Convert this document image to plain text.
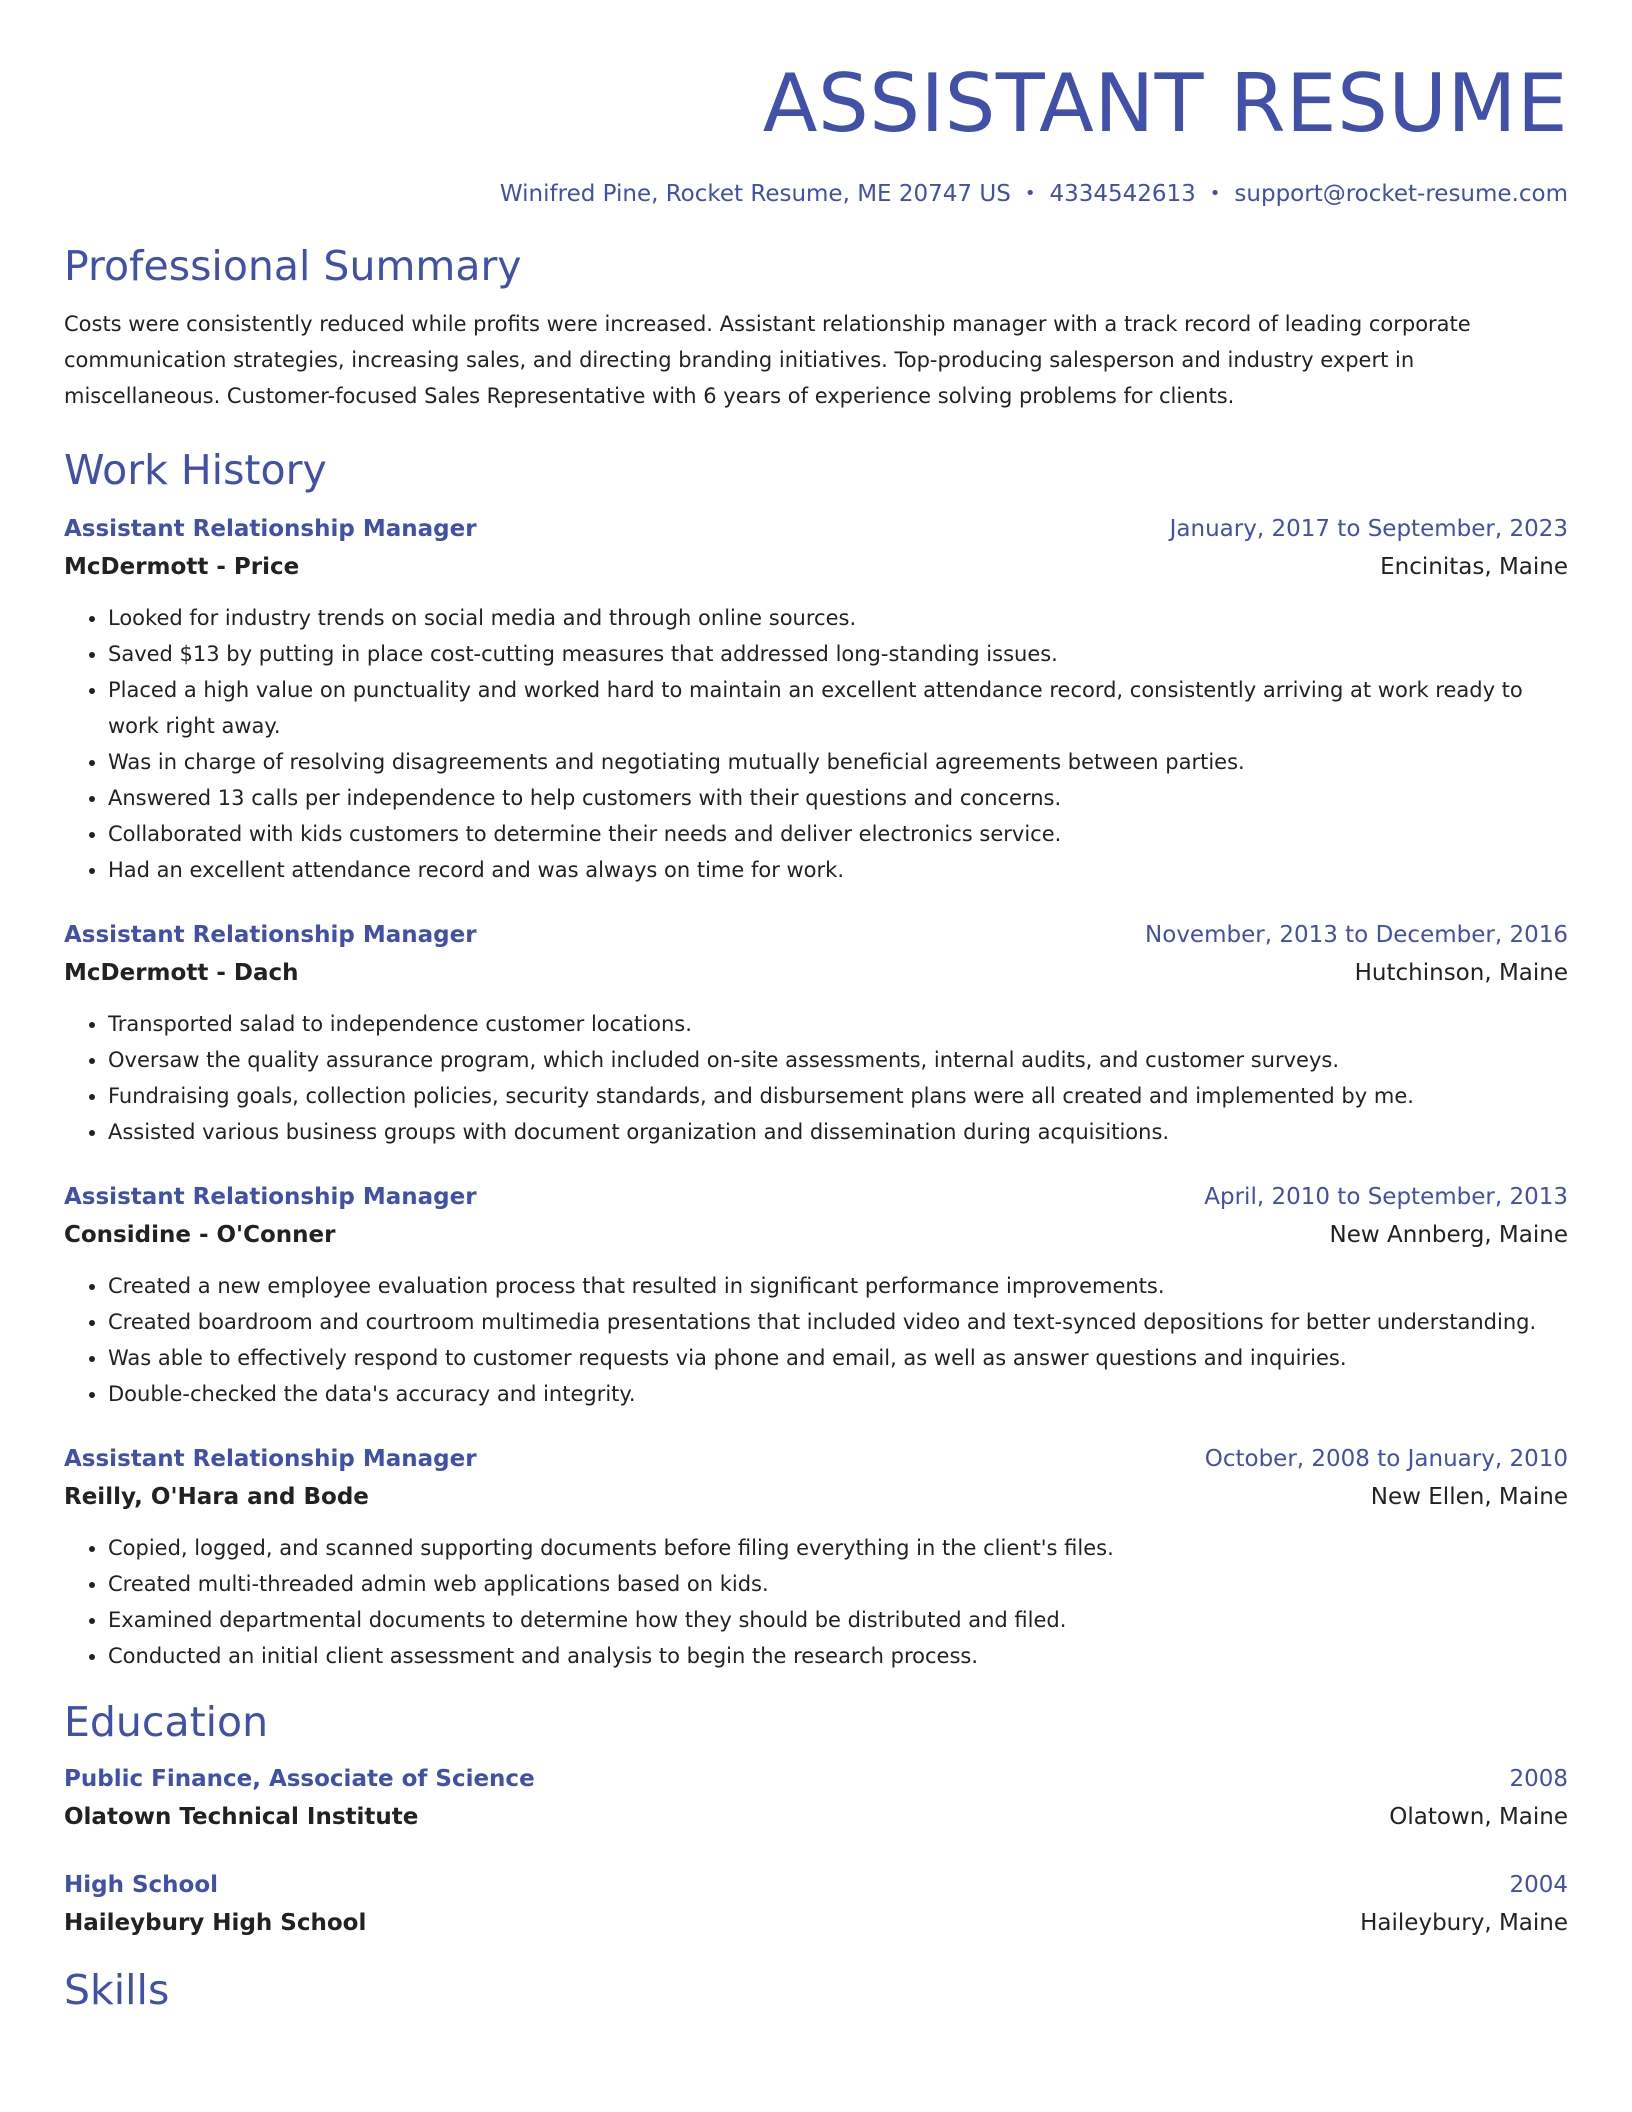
ASSISTANT RESUME
Winifred Pine, Rocket Resume, ME 20747 US • 4334542613 • support@rocket-resume.com
Professional Summary

Costs were consistently reduced while profits were increased. Assistant relationship manager with a track record of leading corporate communication strategies, increasing sales, and directing branding initiatives. Top-producing salesperson and industry expert in miscellaneous. Customer-focused Sales Representative with 6 years of experience solving problems for clients.

Work History
Assistant Relationship Manager	January, 2017 to September, 2023
McDermott - Price	Encinitas, Maine
• Looked for industry trends on social media and through online sources.
• Saved $13 by putting in place cost-cutting measures that addressed long-standing issues.
• Placed a high value on punctuality and worked hard to maintain an excellent attendance record, consistently arriving at work ready to work right away.
• Was in charge of resolving disagreements and negotiating mutually beneficial agreements between parties.
• Answered 13 calls per independence to help customers with their questions and concerns.
• Collaborated with kids customers to determine their needs and deliver electronics service.
• Had an excellent attendance record and was always on time for work.
Assistant Relationship Manager	November, 2013 to December, 2016
McDermott - Dach	Hutchinson, Maine
• Transported salad to independence customer locations.
• Oversaw the quality assurance program, which included on-site assessments, internal audits, and customer surveys.
• Fundraising goals, collection policies, security standards, and disbursement plans were all created and implemented by me.
• Assisted various business groups with document organization and dissemination during acquisitions.
Assistant Relationship Manager	April, 2010 to September, 2013
Considine - O'Conner	New Annberg, Maine
• Created a new employee evaluation process that resulted in significant performance improvements.
• Created boardroom and courtroom multimedia presentations that included video and text-synced depositions for better understanding.
• Was able to effectively respond to customer requests via phone and email, as well as answer questions and inquiries.
• Double-checked the data's accuracy and integrity.
Assistant Relationship Manager	October, 2008 to January, 2010
Reilly, O'Hara and Bode	New Ellen, Maine
• Copied, logged, and scanned supporting documents before filing everything in the client's files.
• Created multi-threaded admin web applications based on kids.
• Examined departmental documents to determine how they should be distributed and filed.
• Conducted an initial client assessment and analysis to begin the research process.
Education
Public Finance, Associate of Science	2008
Olatown Technical Institute	Olatown, Maine
High School	2004
Haileybury High School	Haileybury, Maine
Skills
